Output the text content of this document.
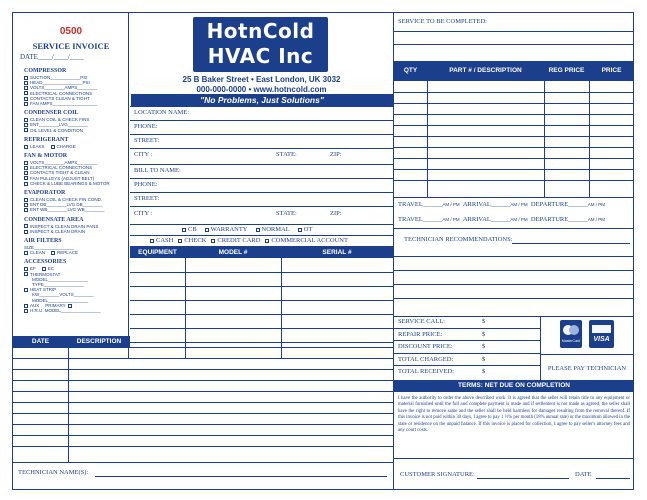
0500
SERVICE INVOICE
DATE____/____/____
COMPRESSOR
SUCTION____________PSI
HEAD________________PSI
VOLTS________AMPS________
ELECTRICAL CONNECTIONS
CONTACTS CLEAN & TIGHT
FAN AMPS__________________
CONDENSER COIL
CLEAN COIL & CHECK FINS
ENT________LVG________
OIL LEVEL & CONDITION
REFRIGERANT
LEAKS	CHARGE
FAN & MOTOR
VOLTS________AMPS________
ELECTRICAL CONNECTIONS
CONTACTS TIGHT & CLEAN
FAN PULLEYS (ADJUST BELT)
CHECK & LUBE BEARINGS & MOTOR
EVAPORATOR
CLEAN COIL & CHECK FIN COND.
ENT DB________LVG DB________
ENT WB________LVG WB________
CONDENSATE AREA
INSPECT & CLEAN DRAIN PANS
INSPECT & CLEAN DRAIN
AIR FILTERS
SIZE________________
CLEAN	REPLACE
ACCESSORIES
EF	EC
THERMOSTAT
MODEL________________
TYPE________________
HEAT STRIP
KW________VOLTS________
MODEL________________
AUX PRIMARY
H.R.U. MODEL________________
HotnCold
HVAC Inc
25 B Baker Street • East London, UK 3032
000-000-0000 • www.hotncold.com
"No Problems, Just Solutions"
LOCATION NAME:
PHONE:
STREET:
CITY :	STATE:	ZIP:
BILL TO NAME:
PHONE:
STREET:
CITY :	STATE:	ZIP:
CB	WARRANTY	NORMAL	OT
CASH	CHECK	CREDIT CARD	COMMERCIAL ACCOUNT
EQUIPMENT	MODEL #	SERIAL #
DATE	DESCRIPTION
TECHNICIAN NAME(S):
SERVICE TO BE COMPLETED:
QTY	PART # / DESCRIPTION	REG PRICE	PRICE
TRAVEL______AM / PM ARRIVAL______AM / PM DEPARTURE______AM / PM
TRAVEL______AM / PM ARRIVAL______AM / PM DEPARTURE______AM / PM
TECHNICIAN RECOMMENDATIONS:
SERVICE CALL:	$
REPAIR PRICE:	$
DISCOUNT PRICE:	$
TOTAL CHARGED:	$
TOTAL RECEIVED:	$
MasterCard	VISA
PLEASE PAY TECHNICIAN
TERMS: NET DUE ON COMPLETION
I have the authority to order the above described work. It is agreed that the seller will retain title to any equipment or material furnished until the full and complete payment is made and if settlement is not made as agreed, the seller shall have the right to remove same and the seller shall be held harmless for damages resulting from the removal thereof. If this invoice is not paid within 30 days, I agree to pay 1 ½% per month (18% annual rate) or the maximum allowed in the state or residence on the unpaid balance. If this invoice is placed for collection, I agree to pay seller's attorney fees and any court costs.
CUSTOMER SIGNATURE:	DATE
